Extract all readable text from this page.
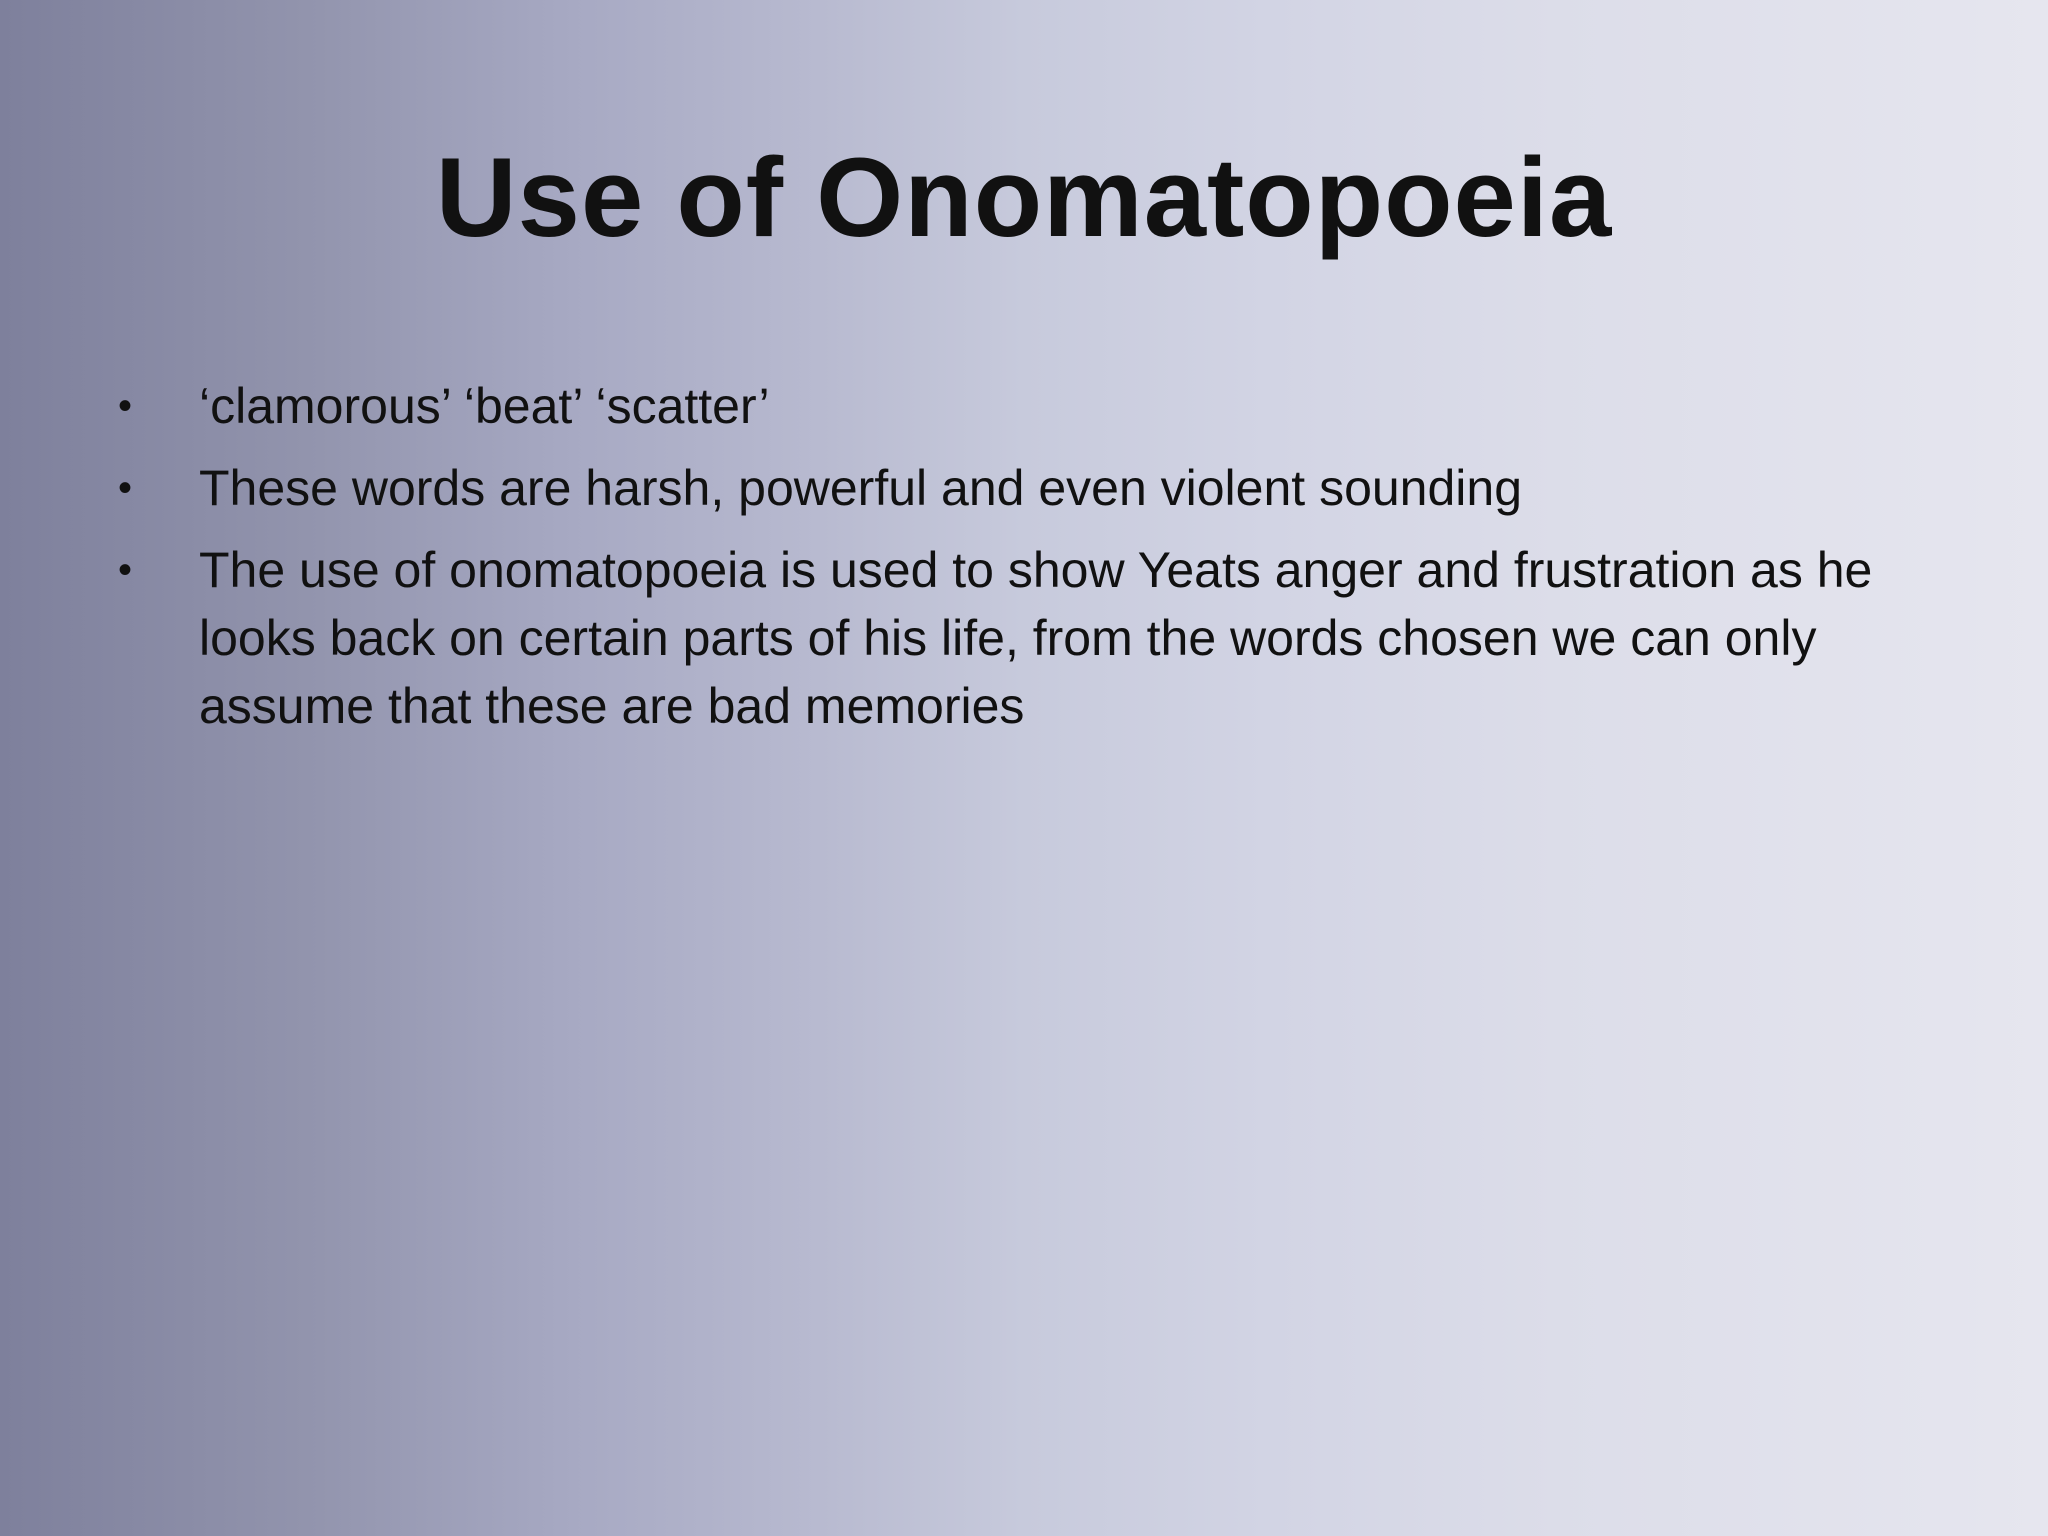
Use of Onomatopoeia
•	‘clamorous’ ‘beat’ ‘scatter’
•	These words are harsh, powerful and even violent sounding
•	The use of onomatopoeia is used to show Yeats anger and frustration as he looks back on certain parts of his life, from the words chosen we can only assume that these are bad memories
